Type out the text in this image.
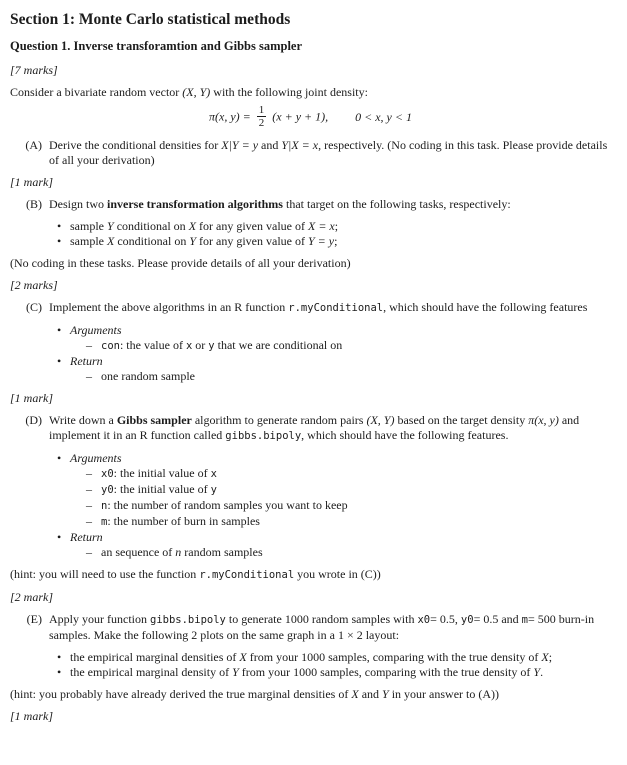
Section 1: Monte Carlo statistical methods
Question 1. Inverse transforamtion and Gibbs sampler
[7 marks]
Consider a bivariate random vector (X, Y) with the following joint density:
π(x, $y) = \frac{1}{2} (x + y + 1)$, 0 < x, y < 1
(A) Derive the conditional densities for X|Y = y and Y|X = x, respectively. (No coding in this task. Please provide details of all your derivation)
[1 mark]
(B) Design two inverse transformation algorithms that target on the following tasks, respectively:
• sample Y conditional on X for any given value of X = x;
• sample X conditional on Y for any given value of Y = y;
(No coding in these tasks. Please provide details of all your derivation)
[2 marks]
(C) Implement the above algorithms in an R function r.myConditional, which should have the following features
• Arguments
– con: the value of x or y that we are conditional on
• Return
– one random sample
[1 mark]
(D) Write down a Gibbs sampler algorithm to generate random pairs (X, Y) based on the target density π(x, y) and implement it in an R function called gibbs.bipoly, which should have the following features.
• Arguments
– x0: the initial value of x
– y0: the initial value of y
– n: the number of random samples you want to keep
– m: the number of burn in samples
• Return
– an sequence of n random samples
(hint: you will need to use the function r.myConditional you wrote in (C))
[2 mark]
(E) Apply your function gibbs.bipoly to generate 1000 random samples with x0= 0.5, y0= 0.5 and m= 500 burn-in samples. Make the following 2 plots on the same graph in a 1 × 2 layout:
• the empirical marginal densities of X from your 1000 samples, comparing with the true density of X;
• the empirical marginal density of Y from your 1000 samples, comparing with the true density of Y.
(hint: you probably have already derived the true marginal densities of X and Y in your answer to (A))
[1 mark]
